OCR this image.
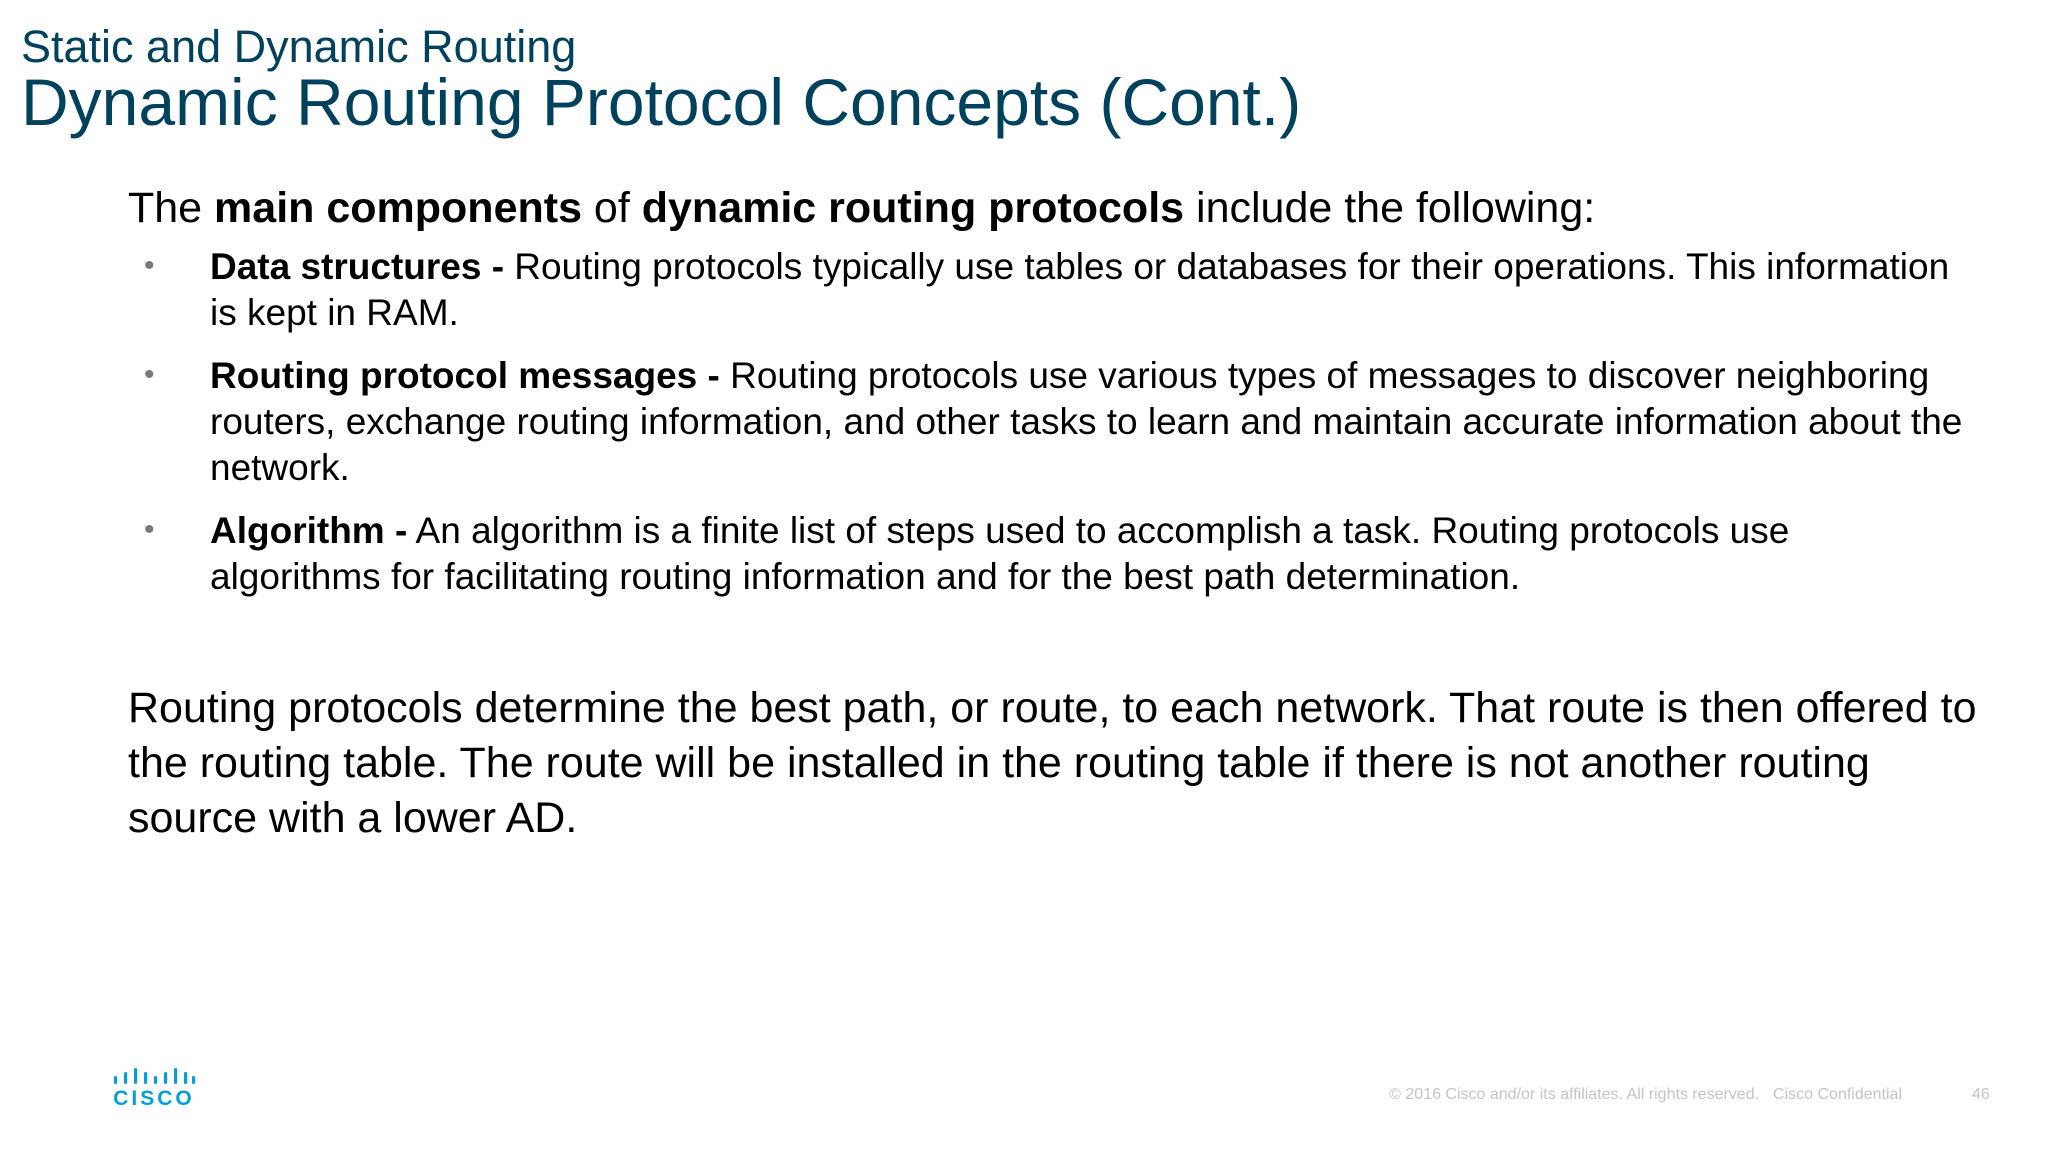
Static and Dynamic Routing
Dynamic Routing Protocol Concepts (Cont.)
The main components of dynamic routing protocols include the following:
• Data structures - Routing protocols typically use tables or databases for their operations. This information is kept in RAM.
• Routing protocol messages - Routing protocols use various types of messages to discover neighboring routers, exchange routing information, and other tasks to learn and maintain accurate information about the network.
• Algorithm - An algorithm is a finite list of steps used to accomplish a task. Routing protocols use algorithms for facilitating routing information and for the best path determination.
Routing protocols determine the best path, or route, to each network. That route is then offered to the routing table. The route will be installed in the routing table if there is not another routing source with a lower AD.
CISCO	© 2016 Cisco and/or its affiliates. All rights reserved. Cisco Confidential	46
